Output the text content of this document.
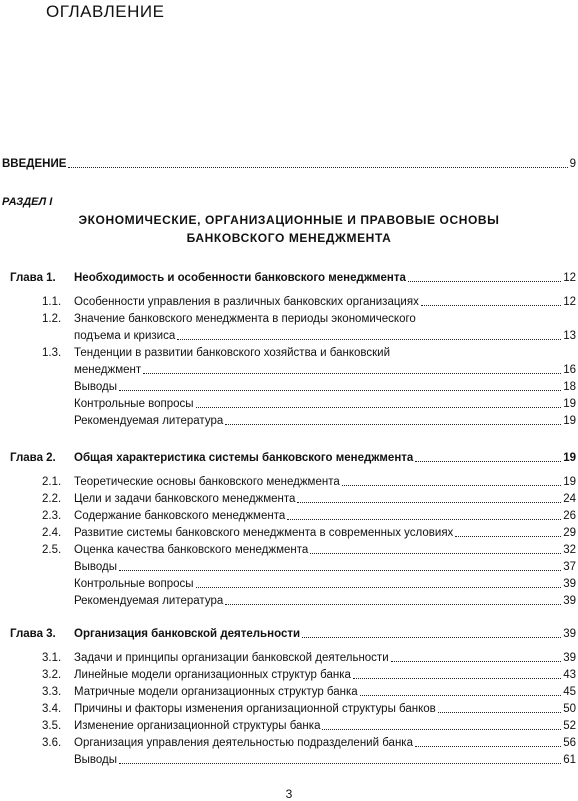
ОГЛАВЛЕНИЕ
ВВЕДЕНИЕ	9
РАЗДЕЛ I
ЭКОНОМИЧЕСКИЕ, ОРГАНИЗАЦИОННЫЕ И ПРАВОВЫЕ ОСНОВЫ
БАНКОВСКОГО МЕНЕДЖМЕНТА
Глава 1. Необходимость и особенности банковского менеджмента	12
1.1. Особенности управления в различных банковских организациях	12
1.2. Значение банковского менеджмента в периоды экономического
подъема и кризиса	13
1.3. Тенденции в развитии банковского хозяйства и банковский
менеджмент	16
Выводы	18
Контрольные вопросы	19
Рекомендуемая литература	19
Глава 2. Общая характеристика системы банковского менеджмента	19
2.1. Теоретические основы банковского менеджмента	19
2.2. Цели и задачи банковского менеджмента	24
2.3. Содержание банковского менеджмента	26
2.4. Развитие системы банковского менеджмента в современных условиях	29
2.5. Оценка качества банковского менеджмента	32
Выводы	37
Контрольные вопросы	39
Рекомендуемая литература	39
Глава 3. Организация банковской деятельности	39
3.1. Задачи и принципы организации банковской деятельности	39
3.2. Линейные модели организационных структур банка	43
3.3. Матричные модели организационных структур банка	45
3.4. Причины и факторы изменения организационной структуры банков	50
3.5. Изменение организационной структуры банка	52
3.6. Организация управления деятельностью подразделений банка	56
Выводы	61
3
